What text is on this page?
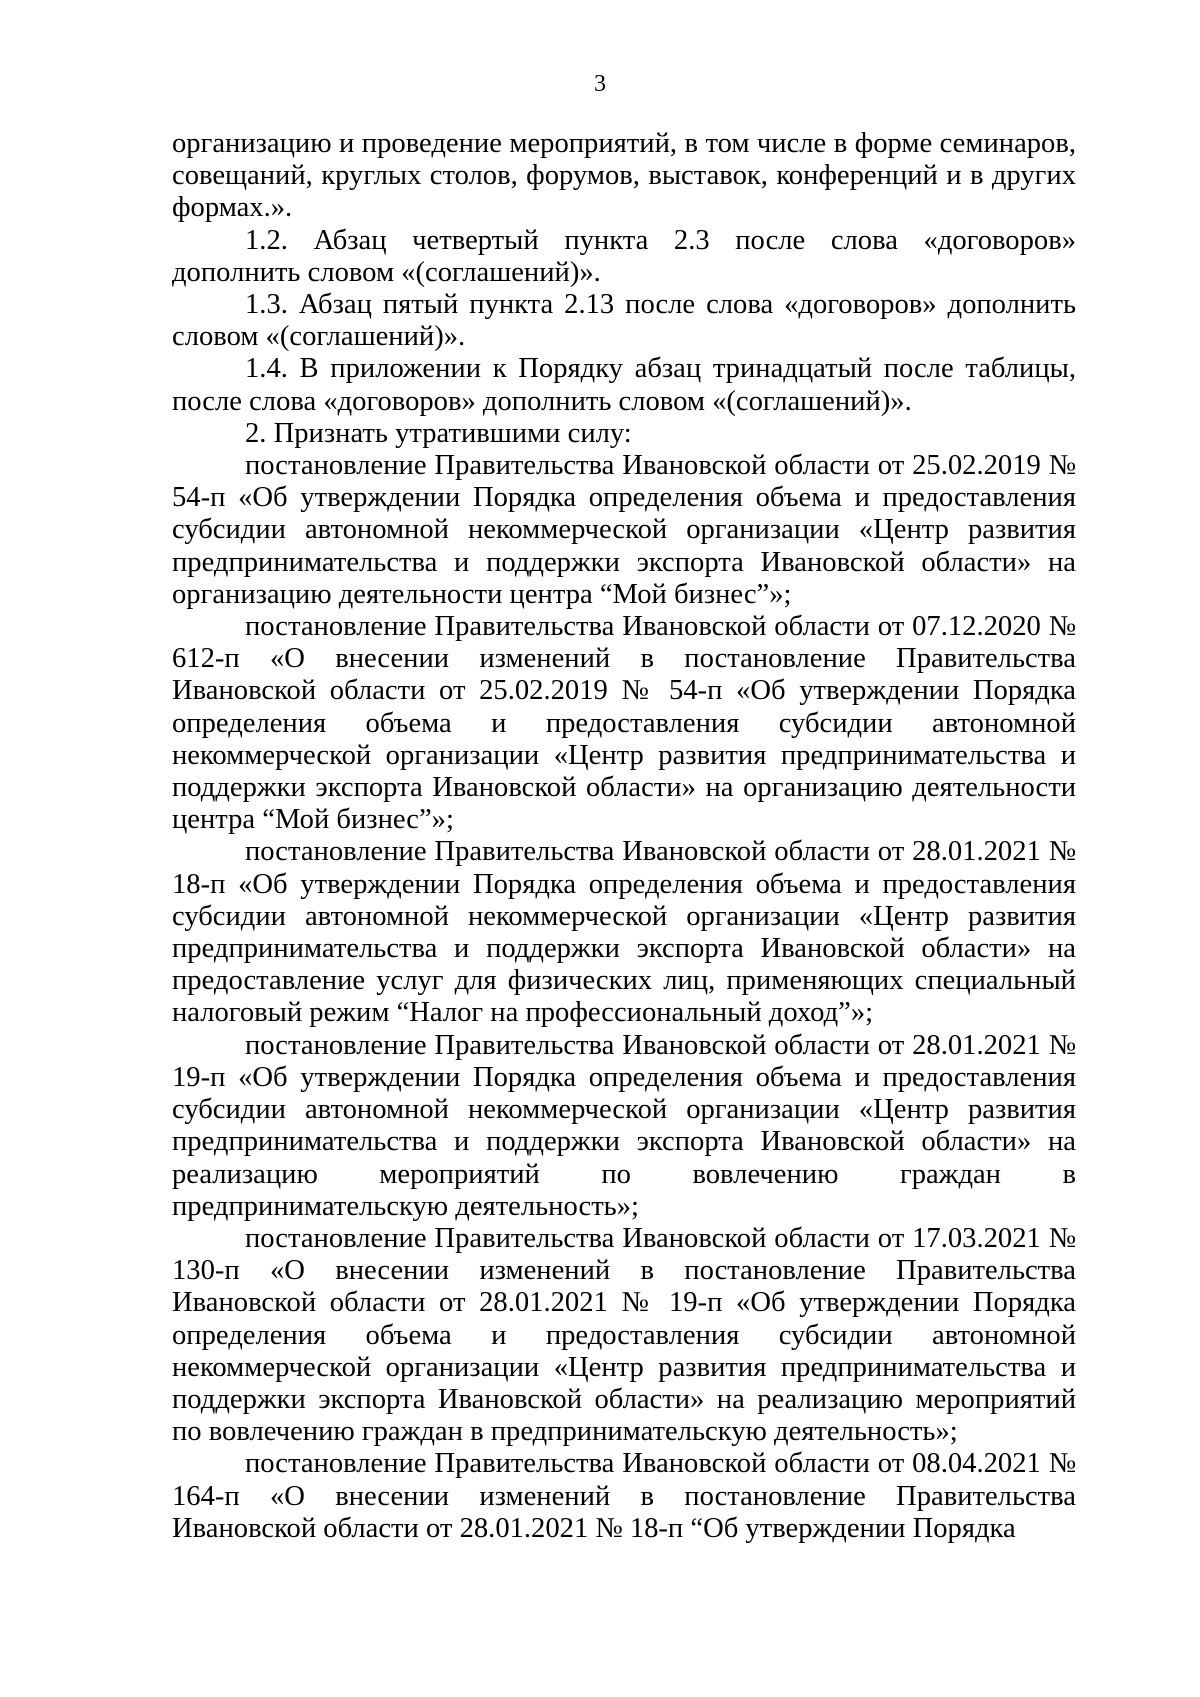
3

организацию и проведение мероприятий, в том числе в форме семинаров, совещаний, круглых столов, форумов, выставок, конференций и в других формах.».

1.2. Абзац четвертый пункта 2.3 после слова «договоров» дополнить словом «(соглашений)».

1.3. Абзац пятый пункта 2.13 после слова «договоров» дополнить словом «(соглашений)».

1.4. В приложении к Порядку абзац тринадцатый после таблицы, после слова «договоров» дополнить словом «(соглашений)».

2. Признать утратившими силу:

постановление Правительства Ивановской области от 25.02.2019 № 54-п «Об утверждении Порядка определения объема и предоставления субсидии автономной некоммерческой организации «Центр развития предпринимательства и поддержки экспорта Ивановской области» на организацию деятельности центра “Мой бизнес”»;

постановление Правительства Ивановской области от 07.12.2020 № 612-п «О внесении изменений в постановление Правительства Ивановской области от 25.02.2019 № 54-п «Об утверждении Порядка определения объема и предоставления субсидии автономной некоммерческой организации «Центр развития предпринимательства и поддержки экспорта Ивановской области» на организацию деятельности центра “Мой бизнес”»;

постановление Правительства Ивановской области от 28.01.2021 № 18-п «Об утверждении Порядка определения объема и предоставления субсидии автономной некоммерческой организации «Центр развития предпринимательства и поддержки экспорта Ивановской области» на предоставление услуг для физических лиц, применяющих специальный налоговый режим “Налог на профессиональный доход”»;

постановление Правительства Ивановской области от 28.01.2021 № 19-п «Об утверждении Порядка определения объема и предоставления субсидии автономной некоммерческой организации «Центр развития предпринимательства и поддержки экспорта Ивановской области» на реализацию мероприятий по вовлечению граждан в предпринимательскую деятельность»;

постановление Правительства Ивановской области от 17.03.2021 № 130-п «О внесении изменений в постановление Правительства Ивановской области от 28.01.2021 № 19-п «Об утверждении Порядка определения объема и предоставления субсидии автономной некоммерческой организации «Центр развития предпринимательства и поддержки экспорта Ивановской области» на реализацию мероприятий по вовлечению граждан в предпринимательскую деятельность»;

постановление Правительства Ивановской области от 08.04.2021 № 164-п «О внесении изменений в постановление Правительства Ивановской области от 28.01.2021 № 18-п “Об утверждении Порядка
